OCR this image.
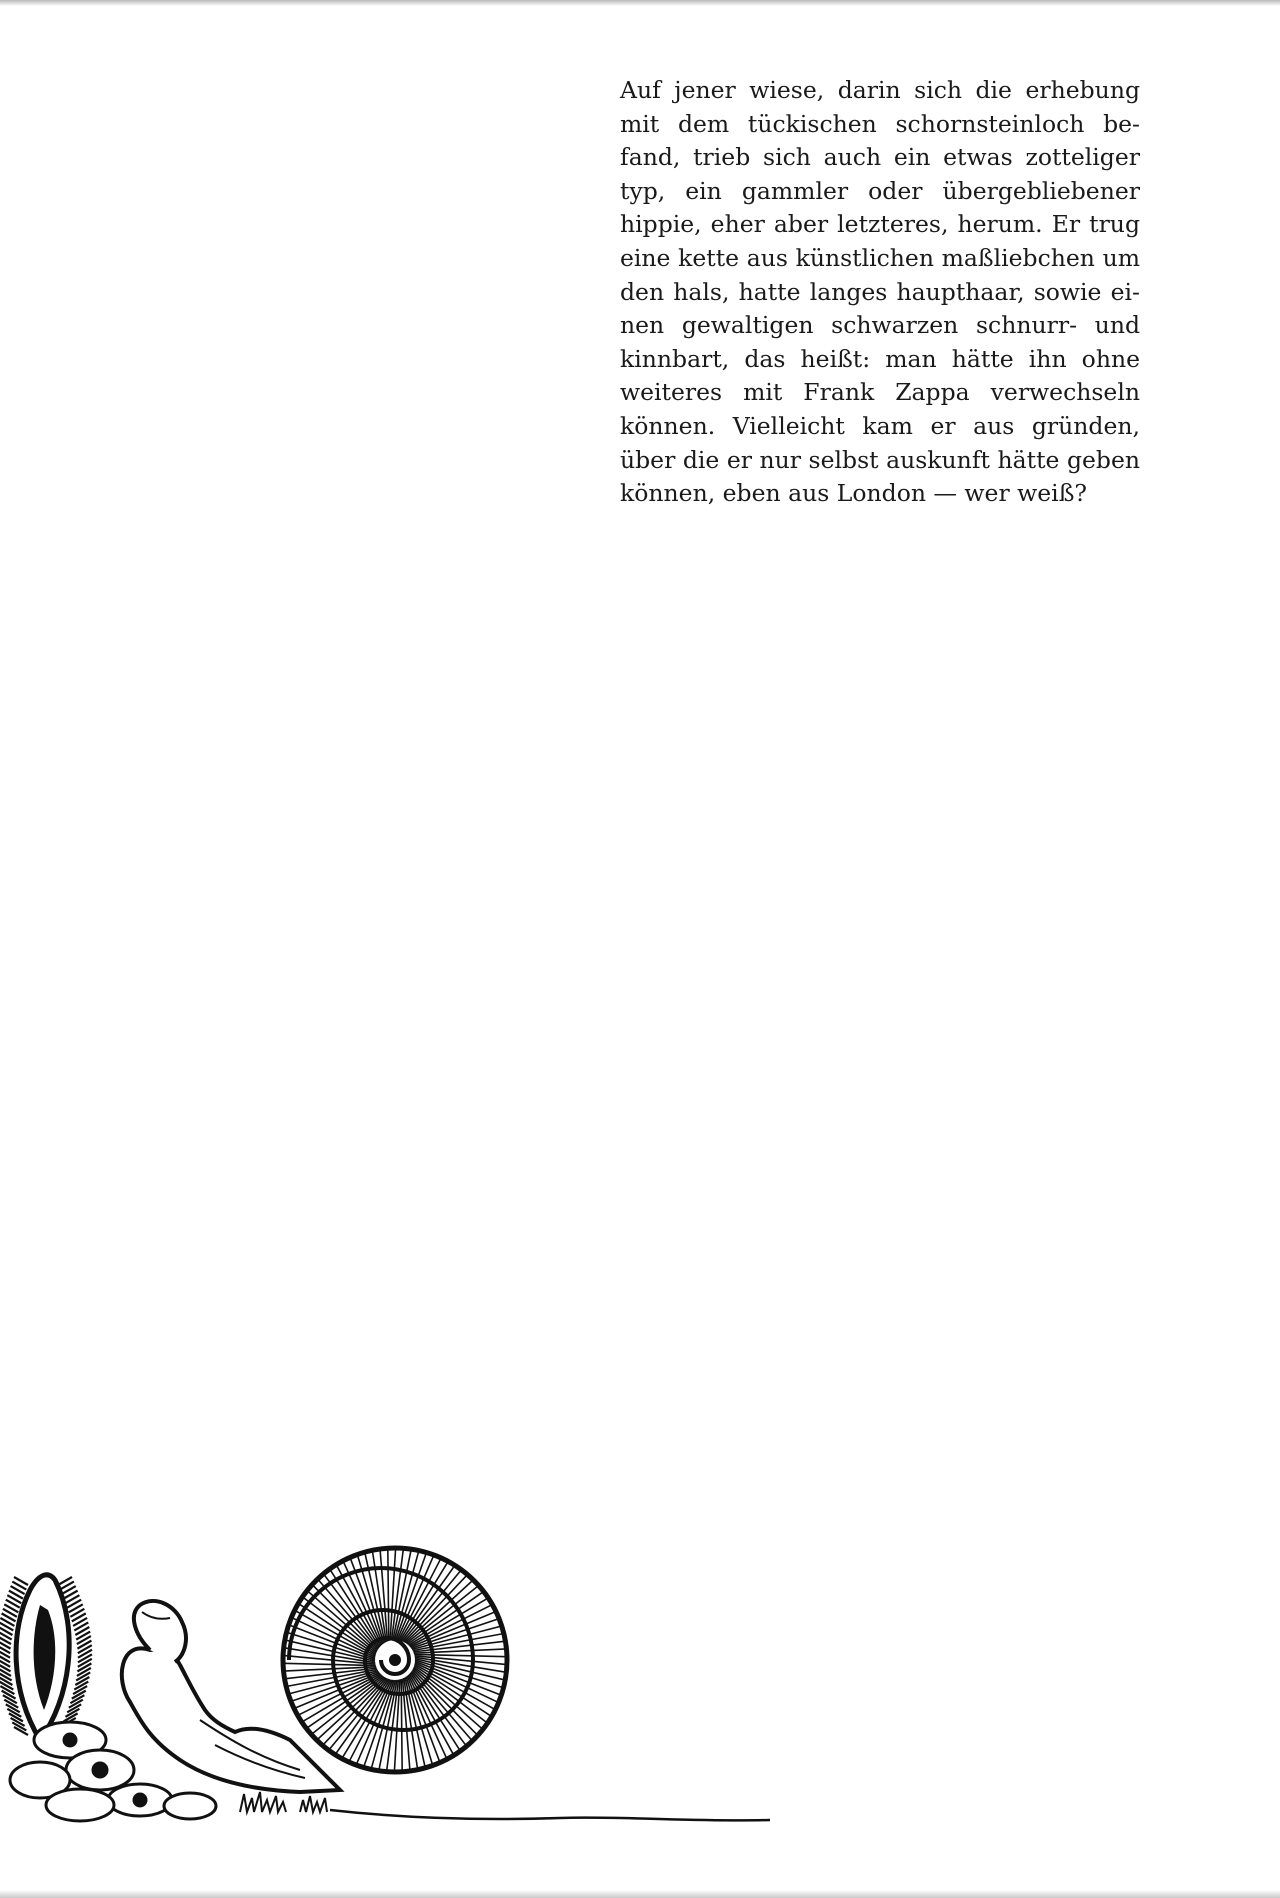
Auf jener wiese, darin sich die erhebung
mit dem tückischen schornsteinloch be-
fand, trieb sich auch ein etwas zotteliger
typ, ein gammler oder übergebliebener
hippie, eher aber letzteres, herum. Er trug
eine kette aus künstlichen maßliebchen um
den hals, hatte langes haupthaar, sowie ei-
nen gewaltigen schwarzen schnurr- und
kinnbart, das heißt: man hätte ihn ohne
weiteres mit Frank Zappa verwechseln
können. Vielleicht kam er aus gründen,
über die er nur selbst auskunft hätte geben
können, eben aus London — wer weiß?
